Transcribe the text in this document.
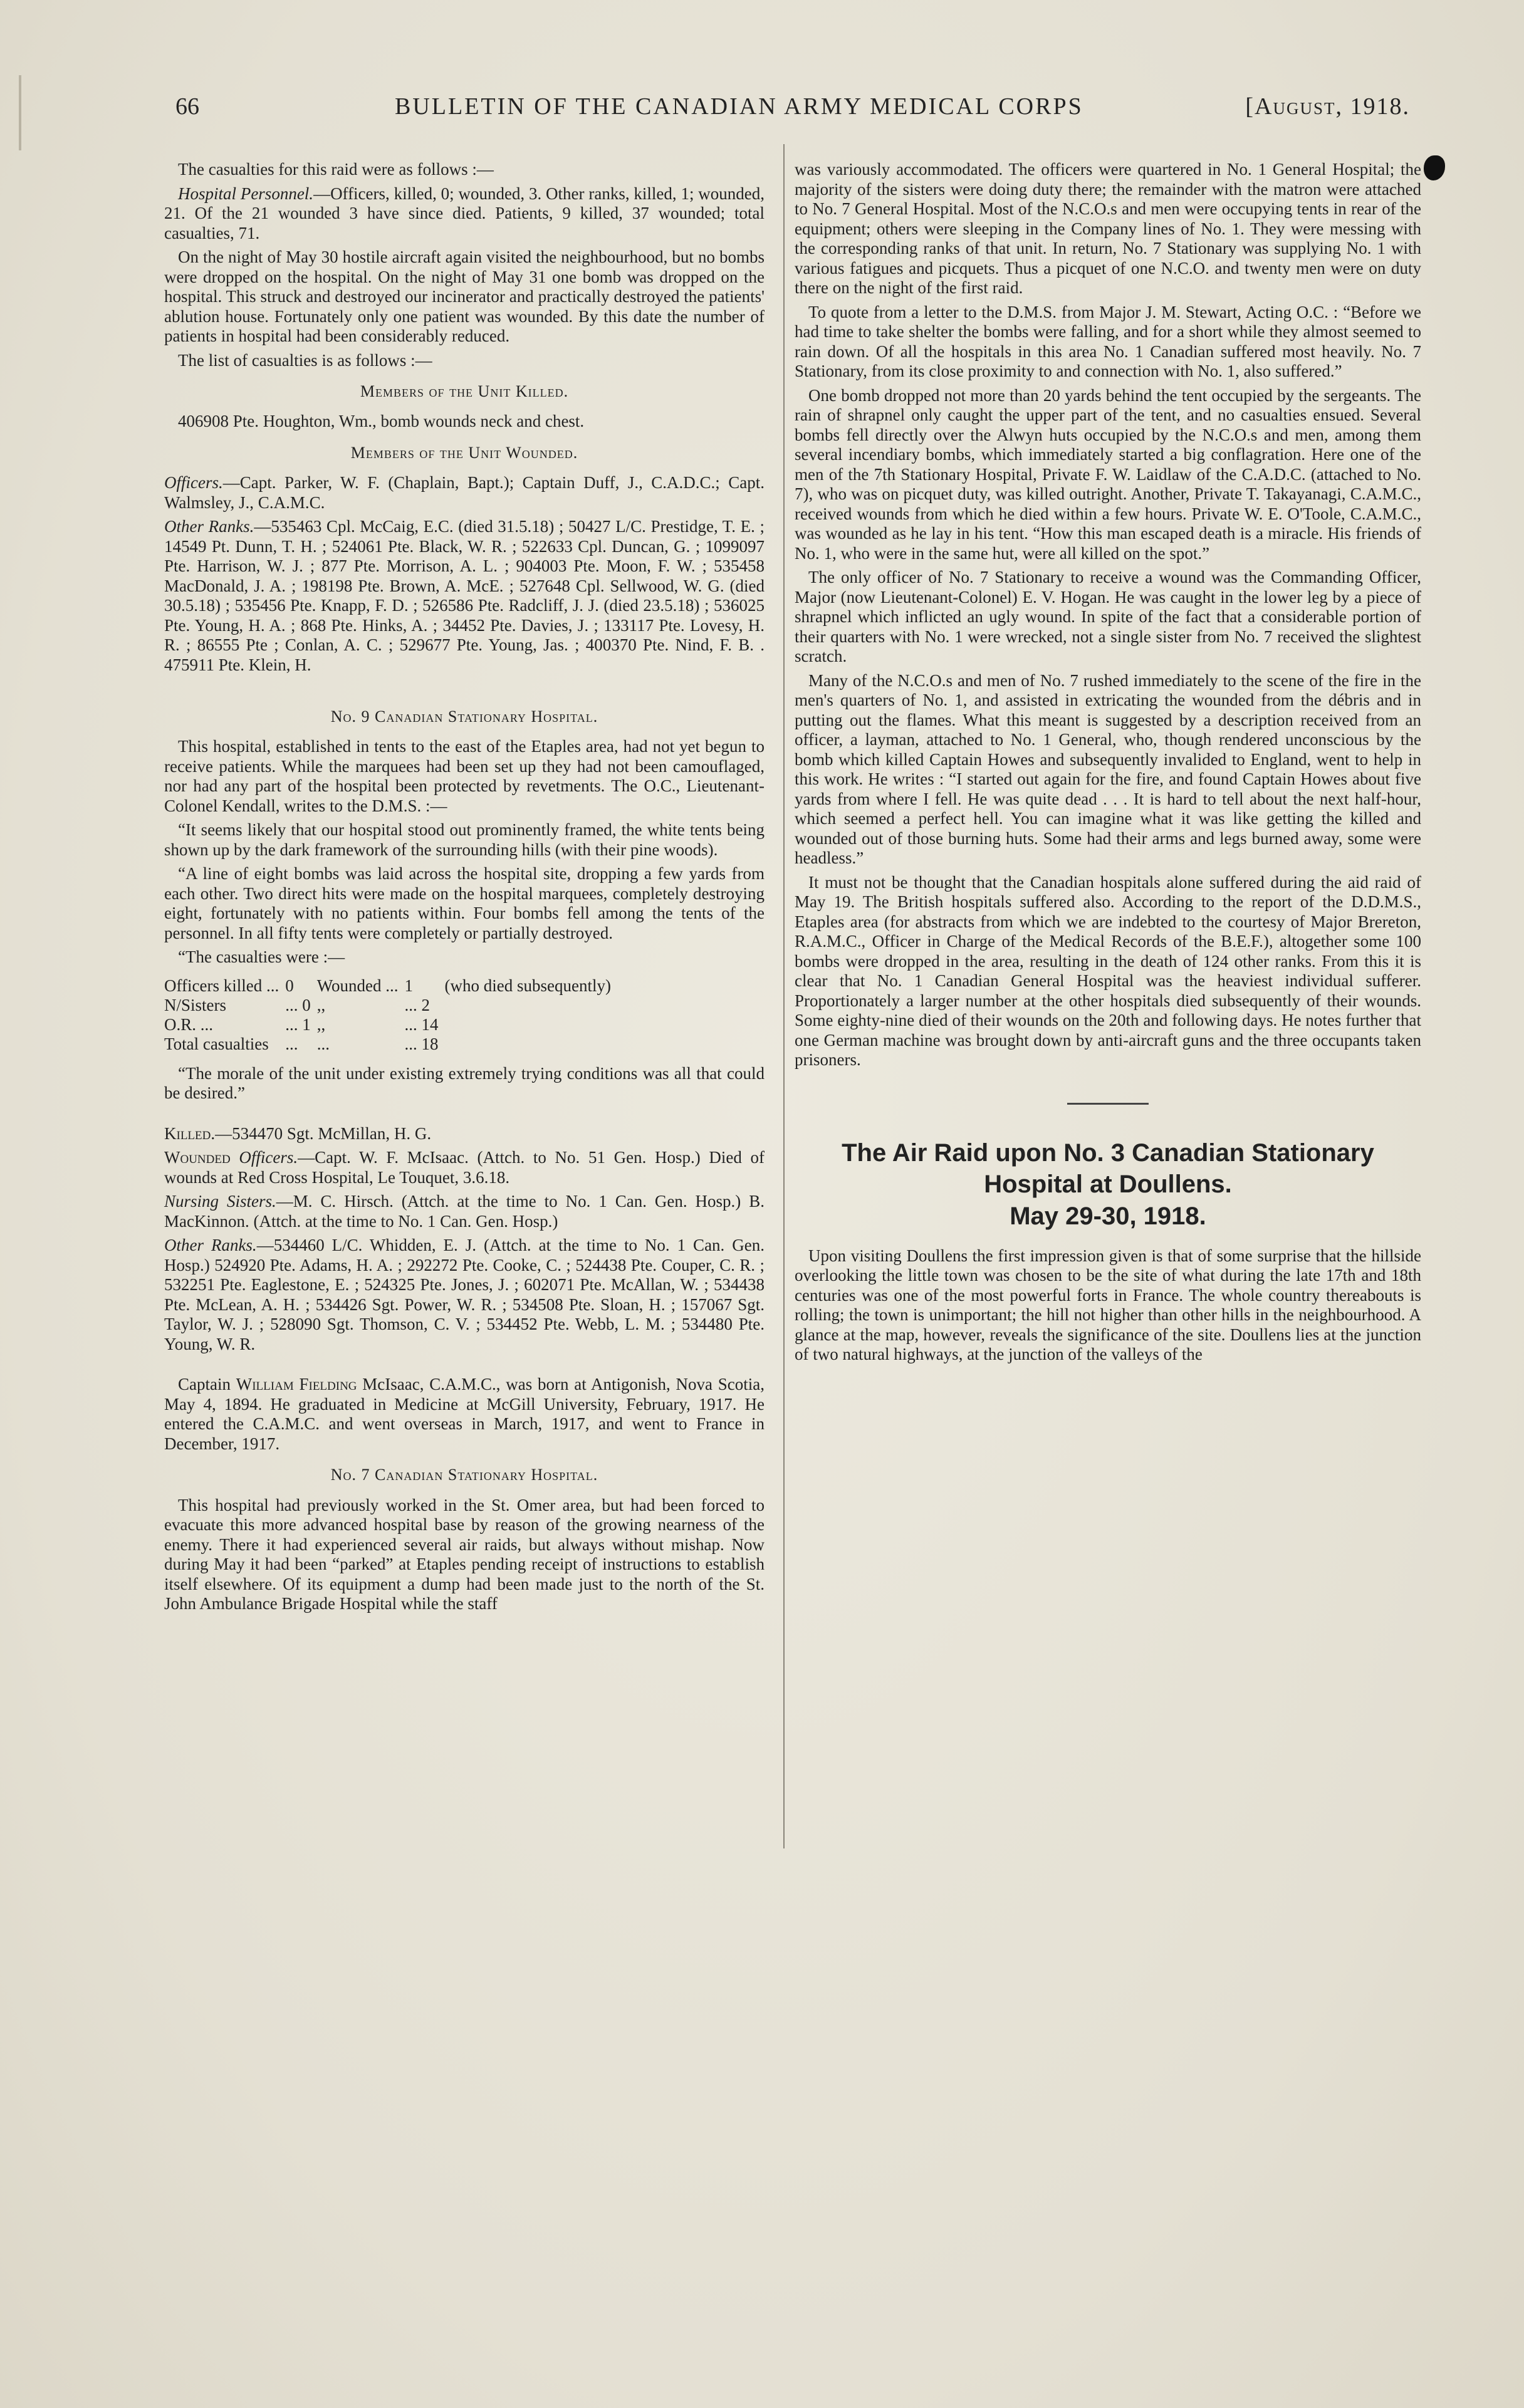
66	BULLETIN OF THE CANADIAN ARMY MEDICAL CORPS	[August, 1918.

The casualties for this raid were as follows :—

Hospital Personnel.—Officers, killed, 0; wounded, 3. Other ranks, killed, 1; wounded, 21. Of the 21 wounded 3 have since died. Patients, 9 killed, 37 wounded; total casualties, 71.

On the night of May 30 hostile aircraft again visited the neighbourhood, but no bombs were dropped on the hospital. On the night of May 31 one bomb was dropped on the hospital. This struck and destroyed our incinerator and practically destroyed the patients' ablution house. Fortunately only one patient was wounded. By this date the number of patients in hospital had been considerably reduced.

The list of casualties is as follows :—

Members of the Unit Killed.

406908 Pte. Houghton, Wm., bomb wounds neck and chest.

Members of the Unit Wounded.

Officers.—Capt. Parker, W. F. (Chaplain, Bapt.); Captain Duff, J., C.A.D.C.; Capt. Walmsley, J., C.A.M.C.

Other Ranks.—535463 Cpl. McCaig, E.C. (died 31.5.18) ; 50427 L/C. Prestidge, T. E. ; 14549 Pt. Dunn, T. H. ; 524061 Pte. Black, W. R. ; 522633 Cpl. Duncan, G. ; 1099097 Pte. Harrison, W. J. ; 877 Pte. Morrison, A. L. ; 904003 Pte. Moon, F. W. ; 535458 MacDonald, J. A. ; 198198 Pte. Brown, A. McE. ; 527648 Cpl. Sellwood, W. G. (died 30.5.18) ; 535456 Pte. Knapp, F. D. ; 526586 Pte. Radcliff, J. J. (died 23.5.18) ; 536025 Pte. Young, H. A. ; 868 Pte. Hinks, A. ; 34452 Pte. Davies, J. ; 133117 Pte. Lovesy, H. R. ; 86555 Pte ; Conlan, A. C. ; 529677 Pte. Young, Jas. ; 400370 Pte. Nind, F. B. . 475911 Pte. Klein, H.

No. 9 Canadian Stationary Hospital.

This hospital, established in tents to the east of the Etaples area, had not yet begun to receive patients. While the marquees had been set up they had not been camouflaged, nor had any part of the hospital been protected by revetments. The O.C., Lieutenant-Colonel Kendall, writes to the D.M.S. :—

“It seems likely that our hospital stood out prominently framed, the white tents being shown up by the dark framework of the surrounding hills (with their pine woods).

“A line of eight bombs was laid across the hospital site, dropping a few yards from each other. Two direct hits were made on the hospital marquees, completely destroying eight, fortunately with no patients within. Four bombs fell among the tents of the personnel. In all fifty tents were completely or partially destroyed.

“The casualties were :—

Officers killed ...	0	Wounded ...	1	(who died subsequently)
N/Sisters	... 0	,,	... 2	
O.R. ...	... 1	,,	... 14	
Total casualties	...	...	... 18	

“The morale of the unit under existing extremely trying conditions was all that could be desired.”

Killed.—534470 Sgt. McMillan, H. G.

Wounded Officers.—Capt. W. F. McIsaac. (Attch. to No. 51 Gen. Hosp.) Died of wounds at Red Cross Hospital, Le Touquet, 3.6.18.

Nursing Sisters.—M. C. Hirsch. (Attch. at the time to No. 1 Can. Gen. Hosp.) B. MacKinnon. (Attch. at the time to No. 1 Can. Gen. Hosp.)

Other Ranks.—534460 L/C. Whidden, E. J. (Attch. at the time to No. 1 Can. Gen. Hosp.) 524920 Pte. Adams, H. A. ; 292272 Pte. Cooke, C. ; 524438 Pte. Couper, C. R. ; 532251 Pte. Eaglestone, E. ; 524325 Pte. Jones, J. ; 602071 Pte. McAllan, W. ; 534438 Pte. McLean, A. H. ; 534426 Sgt. Power, W. R. ; 534508 Pte. Sloan, H. ; 157067 Sgt. Taylor, W. J. ; 528090 Sgt. Thomson, C. V. ; 534452 Pte. Webb, L. M. ; 534480 Pte. Young, W. R.

Captain William Fielding McIsaac, C.A.M.C., was born at Antigonish, Nova Scotia, May 4, 1894. He graduated in Medicine at McGill University, February, 1917. He entered the C.A.M.C. and went overseas in March, 1917, and went to France in December, 1917.

No. 7 Canadian Stationary Hospital.

This hospital had previously worked in the St. Omer area, but had been forced to evacuate this more advanced hospital base by reason of the growing nearness of the enemy. There it had experienced several air raids, but always without mishap. Now during May it had been “parked” at Etaples pending receipt of instructions to establish itself elsewhere. Of its equipment a dump had been made just to the north of the St. John Ambulance Brigade Hospital while the staff

was variously accommodated. The officers were quartered in No. 1 General Hospital; the majority of the sisters were doing duty there; the remainder with the matron were attached to No. 7 General Hospital. Most of the N.C.O.s and men were occupying tents in rear of the equipment; others were sleeping in the Company lines of No. 1. They were messing with the corresponding ranks of that unit. In return, No. 7 Stationary was supplying No. 1 with various fatigues and picquets. Thus a picquet of one N.C.O. and twenty men were on duty there on the night of the first raid.

To quote from a letter to the D.M.S. from Major J. M. Stewart, Acting O.C. : “Before we had time to take shelter the bombs were falling, and for a short while they almost seemed to rain down. Of all the hospitals in this area No. 1 Canadian suffered most heavily. No. 7 Stationary, from its close proximity to and connection with No. 1, also suffered.”

One bomb dropped not more than 20 yards behind the tent occupied by the sergeants. The rain of shrapnel only caught the upper part of the tent, and no casualties ensued. Several bombs fell directly over the Alwyn huts occupied by the N.C.O.s and men, among them several incendiary bombs, which immediately started a big conflagration. Here one of the men of the 7th Stationary Hospital, Private F. W. Laidlaw of the C.A.D.C. (attached to No. 7), who was on picquet duty, was killed outright. Another, Private T. Takayanagi, C.A.M.C., received wounds from which he died within a few hours. Private W. E. O'Toole, C.A.M.C., was wounded as he lay in his tent. “How this man escaped death is a miracle. His friends of No. 1, who were in the same hut, were all killed on the spot.”

The only officer of No. 7 Stationary to receive a wound was the Commanding Officer, Major (now Lieutenant-Colonel) E. V. Hogan. He was caught in the lower leg by a piece of shrapnel which inflicted an ugly wound. In spite of the fact that a considerable portion of their quarters with No. 1 were wrecked, not a single sister from No. 7 received the slightest scratch.

Many of the N.C.O.s and men of No. 7 rushed immediately to the scene of the fire in the men's quarters of No. 1, and assisted in extricating the wounded from the débris and in putting out the flames. What this meant is suggested by a description received from an officer, a layman, attached to No. 1 General, who, though rendered unconscious by the bomb which killed Captain Howes and subsequently invalided to England, went to help in this work. He writes : “I started out again for the fire, and found Captain Howes about five yards from where I fell. He was quite dead . . . It is hard to tell about the next half-hour, which seemed a perfect hell. You can imagine what it was like getting the killed and wounded out of those burning huts. Some had their arms and legs burned away, some were headless.”

It must not be thought that the Canadian hospitals alone suffered during the aid raid of May 19. The British hospitals suffered also. According to the report of the D.D.M.S., Etaples area (for abstracts from which we are indebted to the courtesy of Major Brereton, R.A.M.C., Officer in Charge of the Medical Records of the B.E.F.), altogether some 100 bombs were dropped in the area, resulting in the death of 124 other ranks. From this it is clear that No. 1 Canadian General Hospital was the heaviest individual sufferer. Proportionately a larger number at the other hospitals died subsequently of their wounds. Some eighty-nine died of their wounds on the 20th and following days. He notes further that one German machine was brought down by anti-aircraft guns and the three occupants taken prisoners.

The Air Raid upon No. 3 Canadian Stationary Hospital at Doullens.
May 29-30, 1918.

Upon visiting Doullens the first impression given is that of some surprise that the hillside overlooking the little town was chosen to be the site of what during the late 17th and 18th centuries was one of the most powerful forts in France. The whole country thereabouts is rolling; the town is unimportant; the hill not higher than other hills in the neighbourhood. A glance at the map, however, reveals the significance of the site. Doullens lies at the junction of two natural highways, at the junction of the valleys of the
